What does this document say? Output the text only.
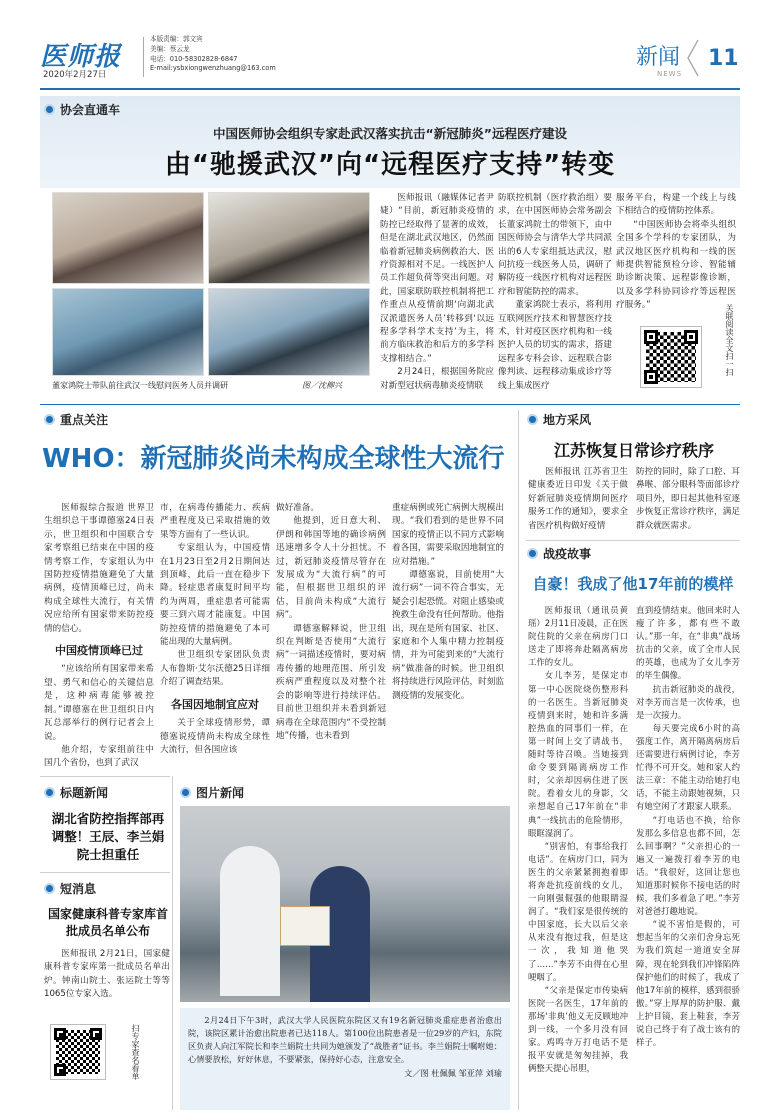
医师报
2020年2月27日
本版责编：郭文宾
美编：蔡云龙
电话：010-58302828-6847
E-mail:ysbxiongwenzhuang@163.com	新闻
NEWS
11
协会直通车
中国医师协会组织专家赴武汉落实抗击“新冠肺炎”远程医疗建设
由“驰援武汉”向“远程医疗支持”转变
董家鸿院士带队前往武汉一线慰问医务人员并调研	图／沈柳兴

医师报讯（融媒体记者尹婕）“目前，新冠肺炎疫情的防控已经取得了显著的成效，但是在湖北武汉地区，仍然面临着新冠肺炎病例救治大、医疗资源相对不足。一线医护人员工作超负荷等突出问题。对此，国家联防联控机制将把工作重点从疫情前期‘向湖北武汉派遣医务人员’转移到‘以远程多学科学术支持’为主，将前方临床救治和后方的多学科支撑相结合。”

2月24日，根据国务院应对新型冠状病毒肺炎疫情联

防联控机制（医疗救治组）要求，在中国医师协会常务副会长董家鸿院士的带领下，由中国医师协会与清华大学共同派出的6人专家组抵达武汉，慰问抗疫一线医务人员，调研了解防疫一线医疗机构对远程医疗和智能防控的需求。

董家鸿院士表示，将利用互联网医疗技术和智慧医疗技术，针对疫区医疗机构和一线医护人员的切实的需求，搭建远程多专科会诊、远程联合影像判读、远程移动集成诊疗等线上集成医疗

服务平台，构建一个线上与线下相结合的疫情防控体系。

“中国医师协会将牵头组织全国多个学科的专家团队，为武汉地区医疗机构和一线的医师提供智能预检分诊、智能辅助诊断决策、远程影像诊断，以及多学科协同诊疗等远程医疗服务。”	关联阅读全文扫一扫
重点关注
WHO：新冠肺炎尚未构成全球性大流行

医师报综合报道 世界卫生组织总干事谭德塞24日表示，世卫组织和中国联合专家考察组已结束在中国的疫情考察工作，专家组认为中国防控疫情措施避免了大量病例，疫情顶峰已过，尚未构成全球性大流行，有关情况应给所有国家带来防控疫情的信心。

中国疫情顶峰已过

“应该给所有国家带来希望、勇气和信心的关键信息是，这种病毒能够被控制。”谭德塞在世卫组织日内瓦总部举行的例行记者会上说。

他介绍，专家组前往中国几个省份，也到了武汉

市，在病毒传播能力、疾病严重程度及已采取措施的效果等方面有了一些认识。

专家组认为，中国疫情在1月23日至2月2日期间达到顶峰，此后一直在稳步下降。轻症患者康复时间平均约为两周，重症患者可能需要三到六周才能康复。中国防控疫情的措施避免了本可能出现的大量病例。

世卫组织专家团队负责人布鲁斯·艾尔沃德25日详细介绍了调查结果。

各国因地制宜应对

关于全球疫情形势，谭德塞说疫情尚未构成全球性大流行，但各国应该

做好准备。

他提到，近日意大利、伊朗和韩国等地的确诊病例迅速增多令人十分担忧。不过，新冠肺炎疫情尽管存在发展成为“大流行病”的可能，但根据世卫组织的评估，目前尚未构成“大流行病”。

谭德塞解释说，世卫组织在判断是否使用“大流行病”一词描述疫情时，要对病毒传播的地理范围、所引发疾病严重程度以及对整个社会的影响等进行持续评估。目前世卫组织并未看到新冠病毒在全球范围内“不受控制地”传播，也未看到

重症病例或死亡病例大规模出现。“我们看到的是世界不同国家的疫情正以不同方式影响着各国，需要采取因地制宜的应对措施。”

谭德塞说，目前使用“大流行病”一词不符合事实，无疑会引起恐慌。对阻止感染或挽救生命没有任何帮助。他指出，现在是所有国家、社区、家庭和个人集中精力控制疫情，并为可能到来的“大流行病”做准备的时候。世卫组织将持续进行风险评估，时刻监测疫情的发展变化。

地方采风
江苏恢复日常诊疗秩序

医师报讯 江苏省卫生健康委近日印发《关于做好新冠肺炎疫情期间医疗服务工作的通知》，要求全省医疗机构做好疫情

防控的同时，除了口腔、耳鼻喉、部分眼科等面部诊疗项目外，即日起其他科室逐步恢复正常诊疗秩序，满足群众就医需求。

战疫故事
自豪！我成了他17年前的模样

医师报讯（通讯员黄瑶）2月11日凌晨，正在医院住院的父亲在病房门口送走了即将奔赴隔离病房工作的女儿。

女儿李芳，是保定市第一中心医院烧伤整形科的一名医生。当新冠肺炎疫情到来时，她和许多满腔热血的同事们一样，在第一时间上交了请战书，随时等待召唤。当她接到命令要到隔离病房工作时，父亲却因病住进了医院。看着女儿的身影，父亲想起自己17年前在“非典”一线抗击的危险情形，眼眶湿润了。

“别害怕，有事给我打电话”。在病房门口，同为医生的父亲紧紧拥抱着即将奔赴抗疫前线的女儿，一向刚强倔强的他眼睛湿润了。“我们家是很传统的中国家庭，长大以后父亲从来没有抱过我，但是这一次，我知道他哭了……”李芳不由得在心里哽咽了。

“父亲是保定市传染病医院一名医生，17年前的那场‘非典’他义无反顾地冲到一线，一个多月没有回家。鸡鸣寺万打电话不是报平安就是匆匆挂掉，我俩整天提心吊胆，

直到疫情结束。他回来时人瘦了许多，都有些不敢认。”那一年，在“非典”战场抗击的父亲，成了全市人民的英雄，也成为了女儿李芳的毕生偶像。

抗击新冠肺炎的战役，对李芳而言是一次传承，也是一次接力。

每天要完成6小时的高强度工作，离开隔离病房后还需要进行病例讨论，李芳忙得不可开交。她和家人约法三章：不能主动给她打电话，不能主动跟她视频，只有她空闲了才跟家人联系。

“打电话也不换，给你发那么多信息也都不回，怎么回事啊？”父亲担心的一遍又一遍拨打着李芳的电话。“我很好，这回让您也知道那时候你不接电话的时候，我们多着急了吧。”李芳对爸爸打趣地说。

“说不害怕是假的，可想起当年的父亲们舍身忘死为我们筑起一道道安全屏障，现在轮到我们冲锋陷阵保护他们的时候了，我成了他17年前的模样，感到很骄傲。”穿上厚厚的防护服、戴上护目镜、套上鞋套，李芳说自己终于有了战士该有的样子。

标题新闻
湖北省防控指挥部再调整！王辰、李兰娟院士担重任
短消息
国家健康科普专家库首批成员名单公布

医师报讯 2月21日，国家健康科普专家库第一批成员名单出炉。钟南山院士、张运院士等等1065位专家入选。

扫专家查名看单
图片新闻
2月24日下午3时，武汉大学人民医院东院区又有19名新冠肺炎重症患者治愈出院，该院区累计治愈出院患者已达118人。第100位出院患者是一位29岁的产妇，东院区负责人向江军院长和李兰娟院士共同为她颁发了“战胜者”证书。李兰娟院士嘱咐她：心情要放松，好好休息，不要紧张，保持好心态，注意安全。
文／图 杜佩佩 邹亚萍 刘瑜
